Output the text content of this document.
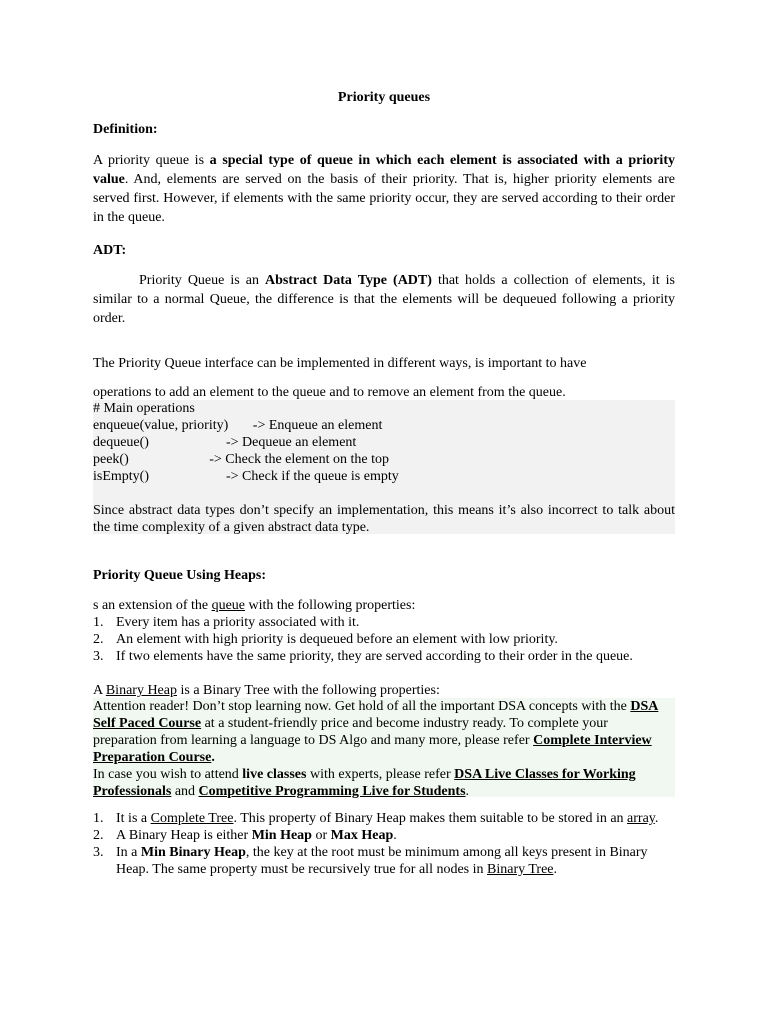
Priority queues

Definition:

A priority queue is a special type of queue in which each element is associated with a priority value. And, elements are served on the basis of their priority. That is, higher priority elements are served first. However, if elements with the same priority occur, they are served according to their order in the queue.

ADT:

Priority Queue is an Abstract Data Type (ADT) that holds a collection of elements, it is similar to a normal Queue, the difference is that the elements will be dequeued following a priority order.

The Priority Queue interface can be implemented in different ways, is important to have

operations to add an element to the queue and to remove an element from the queue.

# Main operations
enqueue(value, priority)       -> Enqueue an element
dequeue()                      -> Dequeue an element
peek()                       -> Check the element on the top
isEmpty()                      -> Check if the queue is empty

Since abstract data types don’t specify an implementation, this means it’s also incorrect to talk about the time complexity of a given abstract data type.

Priority Queue Using Heaps:

s an extension of the queue with the following properties:

1. Every item has a priority associated with it.
2. An element with high priority is dequeued before an element with low priority.
3. If two elements have the same priority, they are served according to their order in the queue.

A Binary Heap is a Binary Tree with the following properties:

Attention reader! Don’t stop learning now. Get hold of all the important DSA concepts with the DSA Self Paced Course at a student-friendly price and become industry ready. To complete your preparation from learning a language to DS Algo and many more, please refer Complete Interview Preparation Course.
In case you wish to attend live classes with experts, please refer DSA Live Classes for Working Professionals and Competitive Programming Live for Students.
1. It is a Complete Tree. This property of Binary Heap makes them suitable to be stored in an array.
2. A Binary Heap is either Min Heap or Max Heap.
3. In a Min Binary Heap, the key at the root must be minimum among all keys present in Binary Heap. The same property must be recursively true for all nodes in Binary Tree.
